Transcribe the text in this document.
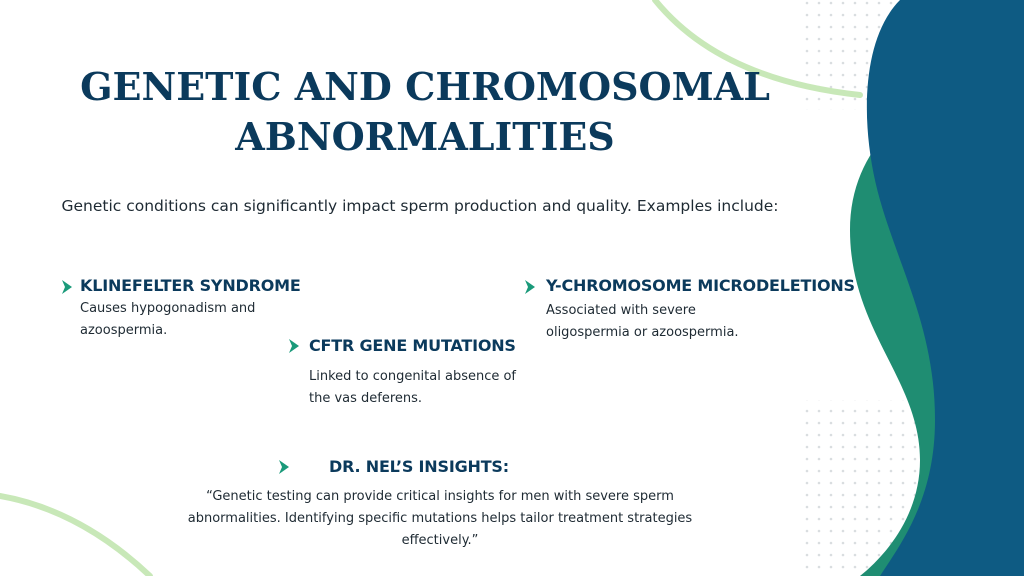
GENETIC AND CHROMOSOMAL ABNORMALITIES
Genetic conditions can significantly impact sperm production and quality. Examples include:
KLINEFELTER SYNDROME
Causes hypogonadism and azoospermia.
CFTR GENE MUTATIONS
Linked to congenital absence of the vas deferens.
Y-CHROMOSOME MICRODELETIONS
Associated with severe oligospermia or azoospermia.
DR. NEL’S INSIGHTS:
“Genetic testing can provide critical insights for men with severe sperm abnormalities. Identifying specific mutations helps tailor treatment strategies effectively.”
